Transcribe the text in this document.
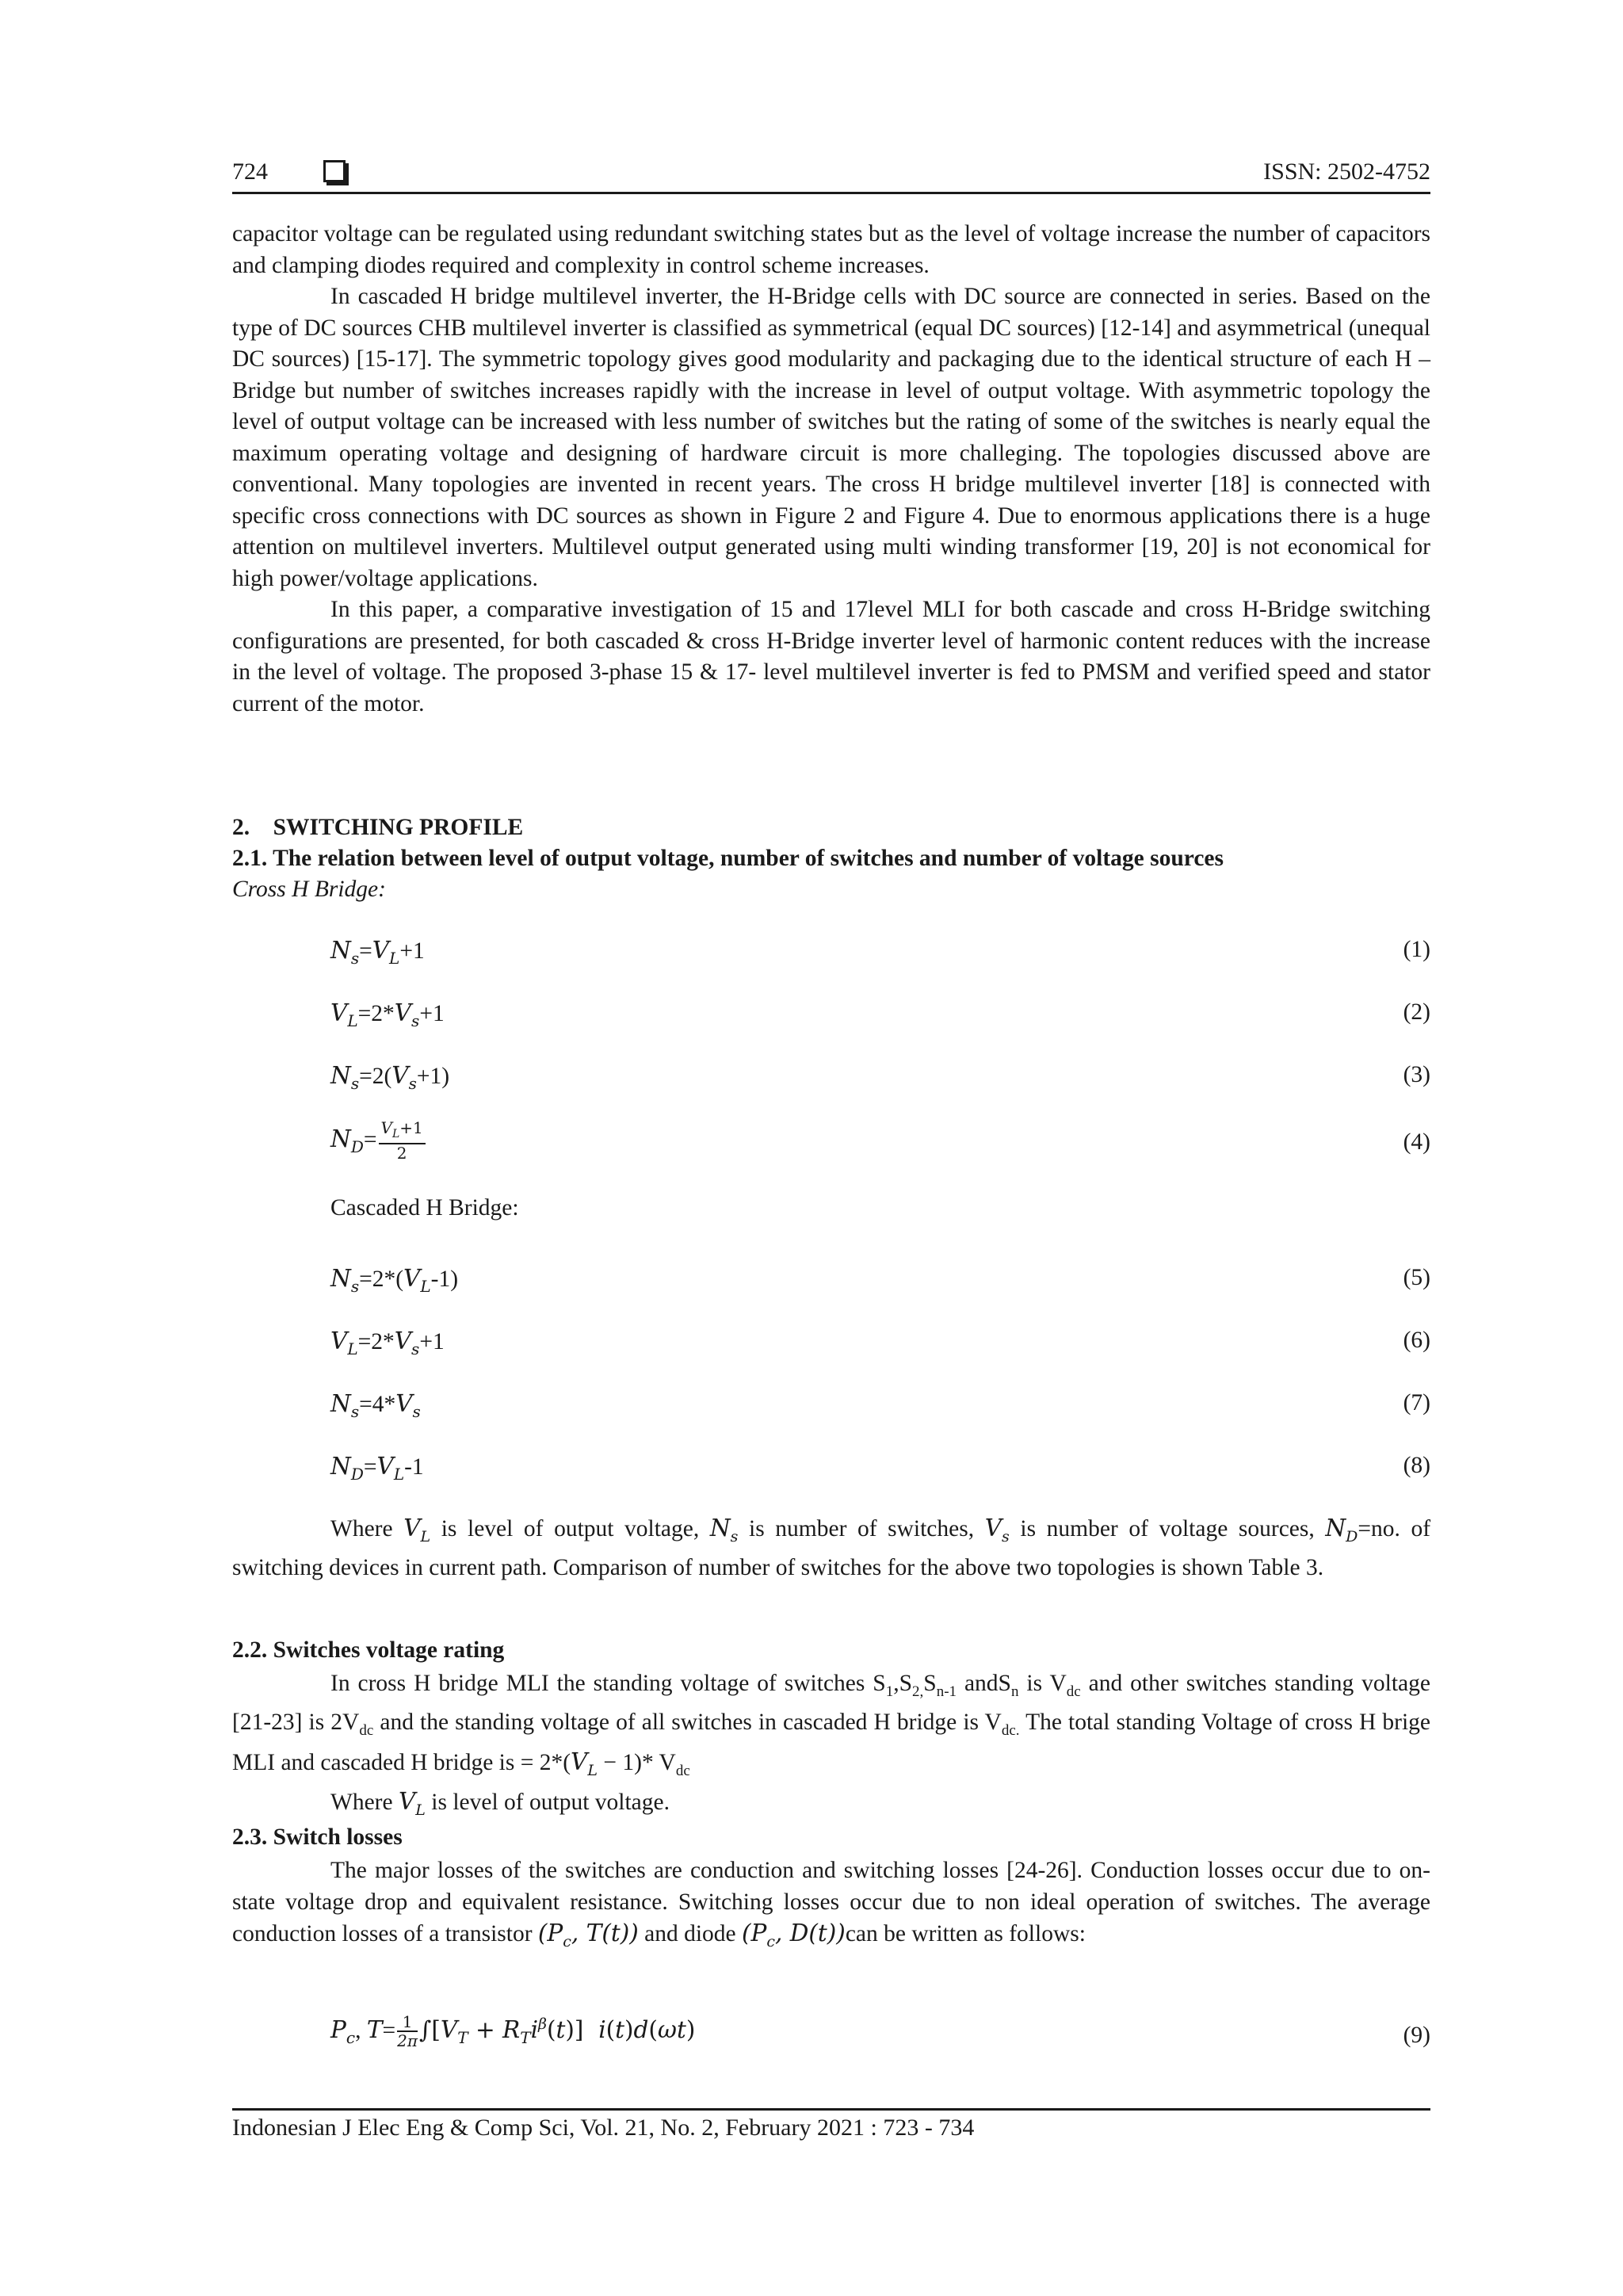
724	ISSN: 2502-4752

capacitor voltage can be regulated using redundant switching states but as the level of voltage increase the number of capacitors and clamping diodes required and complexity in control scheme increases.

In cascaded H bridge multilevel inverter, the H-Bridge cells with DC source are connected in series. Based on the type of DC sources CHB multilevel inverter is classified as symmetrical (equal DC sources) [12-14] and asymmetrical (unequal DC sources) [15-17]. The symmetric topology gives good modularity and packaging due to the identical structure of each H – Bridge but number of switches increases rapidly with the increase in level of output voltage. With asymmetric topology the level of output voltage can be increased with less number of switches but the rating of some of the switches is nearly equal the maximum operating voltage and designing of hardware circuit is more challeging. The topologies discussed above are conventional. Many topologies are invented in recent years. The cross H bridge multilevel inverter [18] is connected with specific cross connections with DC sources as shown in Figure 2 and Figure 4. Due to enormous applications there is a huge attention on multilevel inverters. Multilevel output generated using multi winding transformer [19, 20] is not economical for high power/voltage applications.

In this paper, a comparative investigation of 15 and 17level MLI for both cascade and cross H-Bridge switching configurations are presented, for both cascaded & cross H-Bridge inverter level of harmonic content reduces with the increase in the level of voltage. The proposed 3-phase 15 & 17- level multilevel inverter is fed to PMSM and verified speed and stator current of the motor.

2. SWITCHING PROFILE
2.1. The relation between level of output voltage, number of switches and number of voltage sources
Cross H Bridge:
$N_s=V_L+1$	(1)
$V_L=2*V_s+1$	(2)
$N_s=2(V_s+1)$	(3)
$N_D= \frac{V_L+1}{2}$	(4)
Cascaded H Bridge:
$N_s=2*(V_L-1)$	(5)
$V_L=2*V_s+1$	(6)
$N_s=4*V_s$	(7)
$N_D=V_L-1$	(8)

Where $V_L$ is level of output voltage, $N_s$ is number of switches, $V_s$ is number of voltage sources, $N_D=no$. of switching devices in current path. Comparison of number of switches for the above two topologies is shown Table 3.

2.2. Switches voltage rating

In cross H bridge MLI the standing voltage of switches $S_1,S_{2,}S_{n-1}$ andS$_n$ is $V_{dc}$ and other switches standing voltage [21-23] is $2V_{dc}$ and the standing voltage of all switches in cascaded H bridge is $V_{dc.}$ The total standing Voltage of cross H brige MLI and cascaded H bridge is = $2*(V_L - 1)*$ $V_{dc}$

Where $V_L$ is level of output voltage.

2.3. Switch losses

The major losses of the switches are conduction and switching losses [24-26]. Conduction losses occur due to on-state voltage drop and equivalent resistance. Switching losses occur due to non ideal operation of switches. The average conduction losses of a transistor ($P_c$, T(t)) and diode ($P_c$, D(t))can be written as follows:

$P_c$, $T= \frac{1}{2\pi} \int[V_T + R_Ti^\beta(t)]$  i(t)d(ωt)	(9)
Indonesian J Elec Eng & Comp Sci, Vol. 21, No. 2, February 2021 : 723 - 734
